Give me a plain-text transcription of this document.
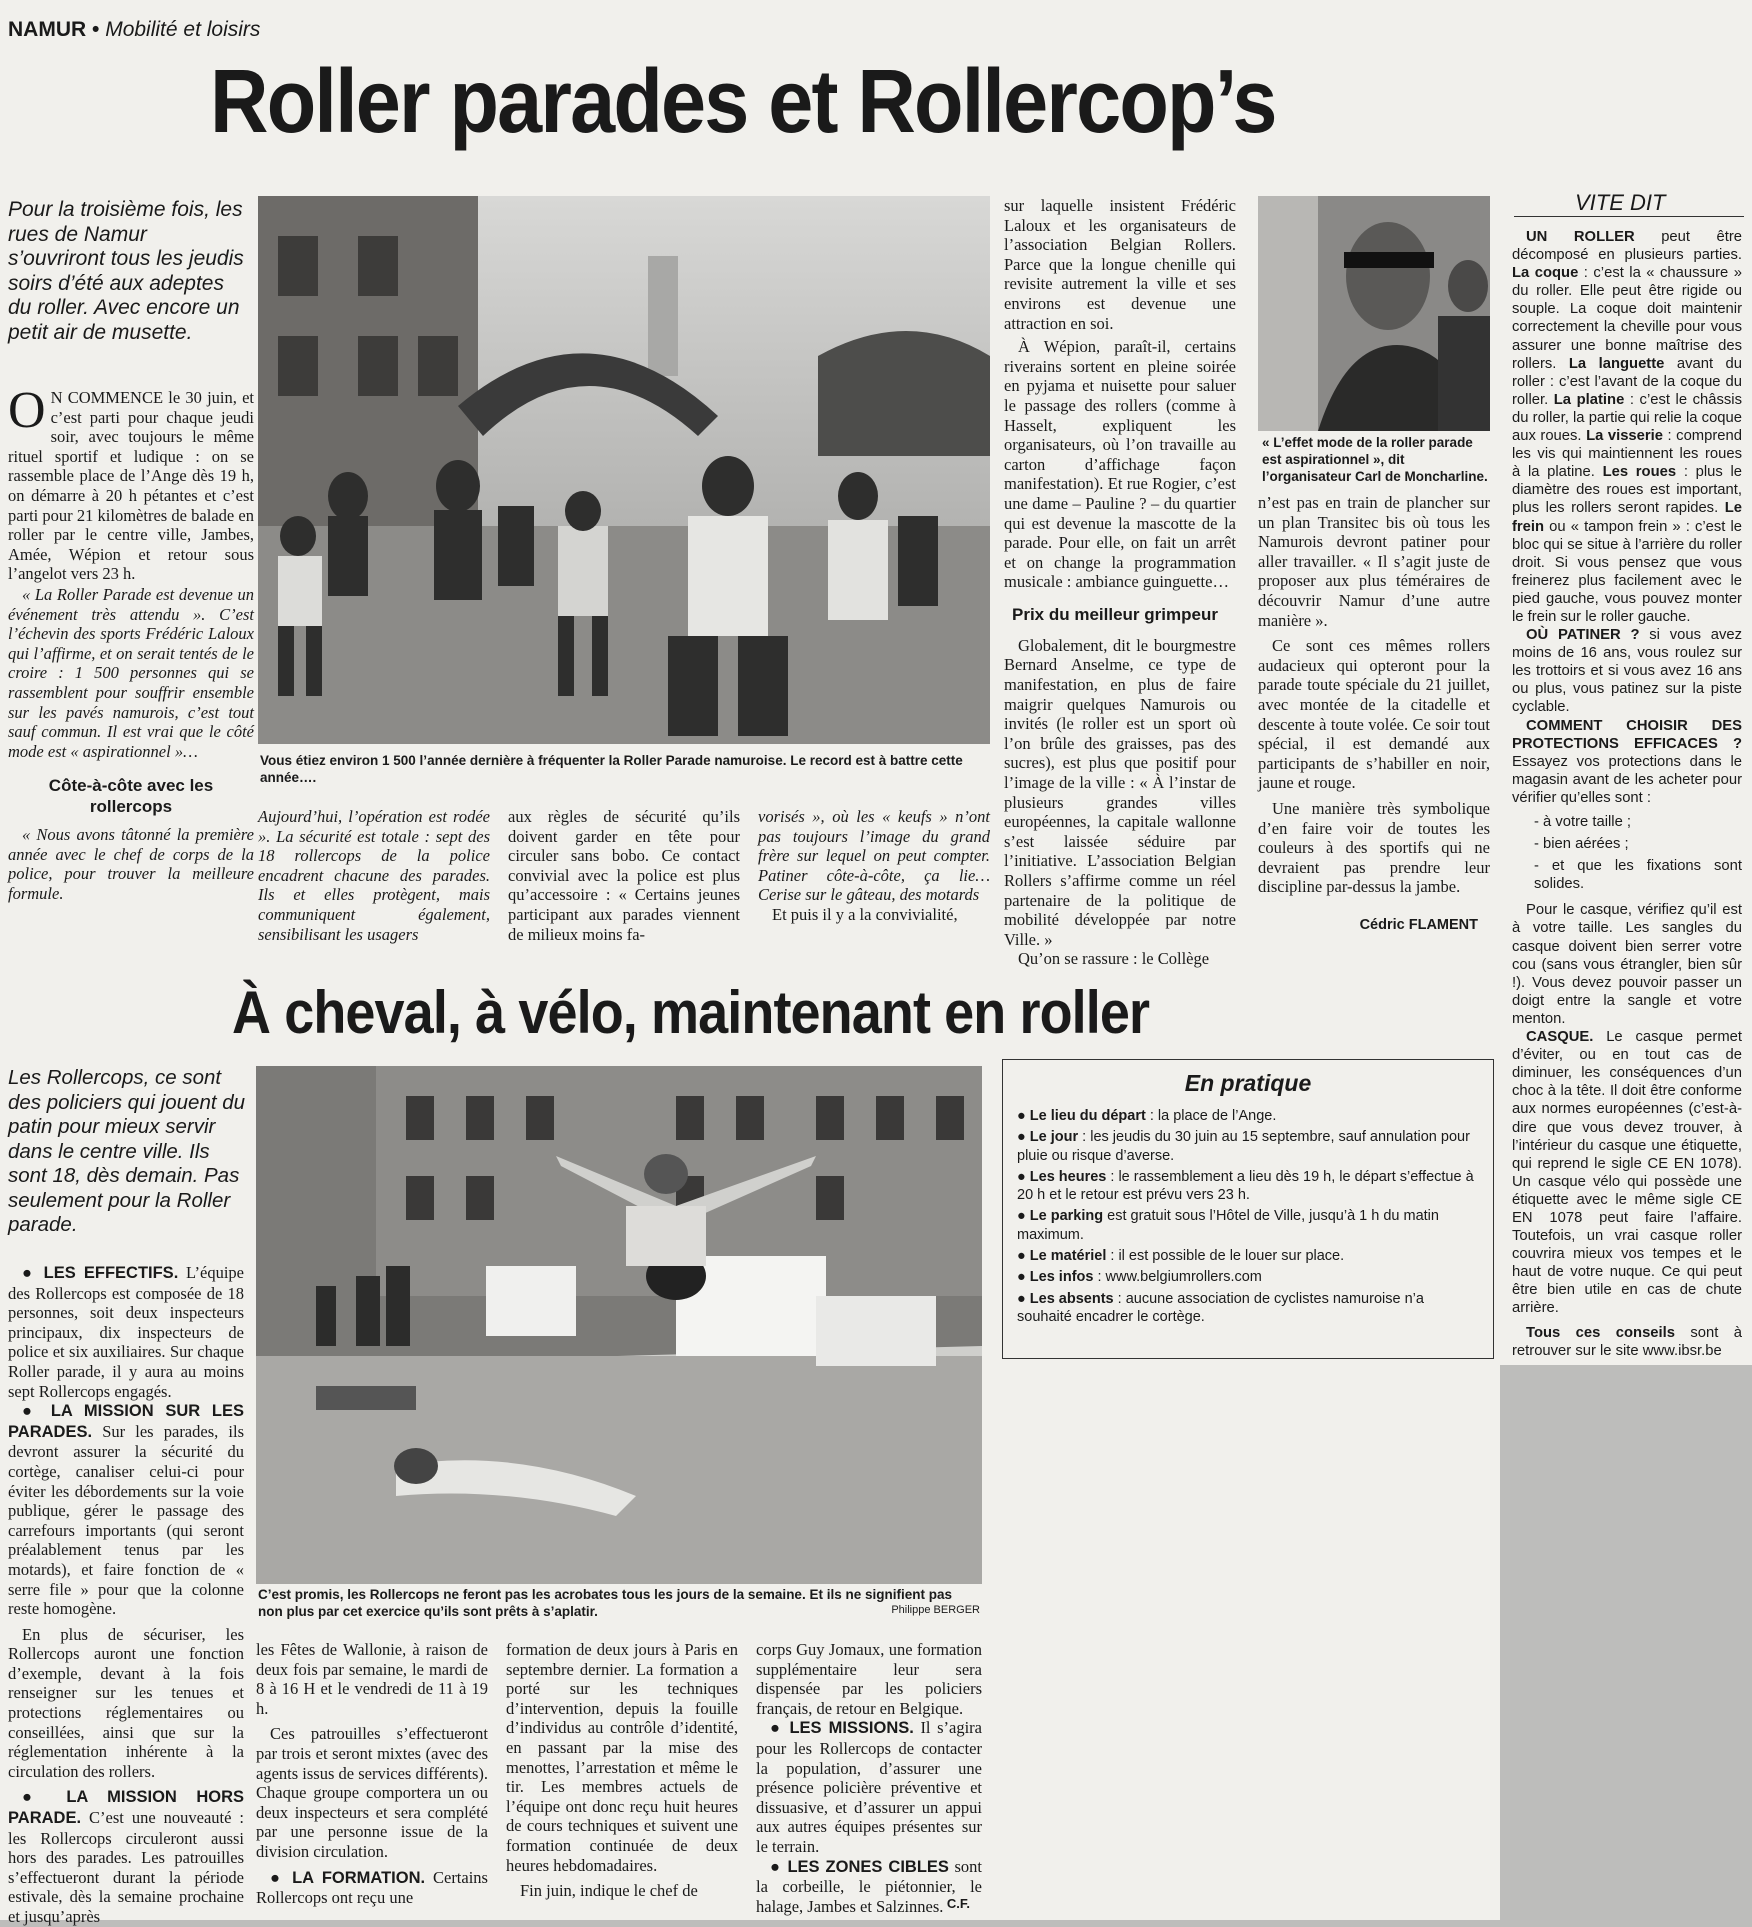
NAMUR • Mobilité et loisirs
Roller parades et Rollercop’s
Pour la troisième fois, les rues de Namur s’ouvriront tous les jeudis soirs d’été aux adeptes du roller. Avec encore un petit air de musette.

O N COMMENCE le 30 juin, et c’est parti pour chaque jeudi soir, avec toujours le même rituel sportif et ludique : on se rassemble place de l’Ange dès 19 h, on démarre à 20 h pétantes et c’est parti pour 21 kilomètres de balade en roller par le centre ville, Jambes, Amée, Wépion et retour sous l’angelot vers 23 h.

« La Roller Parade est devenue un événement très attendu ». C’est l’échevin des sports Frédéric Laloux qui l’affirme, et on serait tentés de le croire : 1 500 personnes qui se rassemblent pour souffrir ensemble sur les pavés namurois, c’est tout sauf commun. Il est vrai que le côté mode est « aspirationnel »…

Côte-à-côte avec les rollercops

« Nous avons tâtonné la première année avec le chef de corps de la police, pour trouver la meilleure formule.

Vous étiez environ 1 500 l’année dernière à fréquenter la Roller Parade namuroise. Le record est à battre cette année….

Aujourd’hui, l’opération est rodée ». La sécurité est totale : sept des 18 rollercops de la police encadrent chacune des parades. Ils et elles protègent, mais communiquent également, sensibilisant les usagers

aux règles de sécurité qu’ils doivent garder en tête pour circuler sans bobo. Ce contact convivial avec la police est plus qu’accessoire : « Certains jeunes participant aux parades viennent de milieux moins fa-

vorisés », où les « keufs » n’ont pas toujours l’image du grand frère sur lequel on peut compter. Patiner côte-à-côte, ça lie… Cerise sur le gâteau, des motards

Et puis il y a la convivialité,

sur laquelle insistent Frédéric Laloux et les organisateurs de l’association Belgian Rollers. Parce que la longue chenille qui revisite autrement la ville et ses environs est devenue une attraction en soi.

À Wépion, paraît-il, certains riverains sortent en pleine soirée en pyjama et nuisette pour saluer le passage des rollers (comme à Hasselt, expliquent les organisateurs, où l’on travaille au carton d’affichage façon manifestation). Et rue Rogier, c’est une dame – Pauline ? – du quartier qui est devenue la mascotte de la parade. Pour elle, on fait un arrêt et on change la programmation musicale : ambiance guinguette…

Prix du meilleur grimpeur

Globalement, dit le bourgmestre Bernard Anselme, ce type de manifestation, en plus de faire maigrir quelques Namurois ou invités (le roller est un sport où l’on brûle des graisses, pas des sucres), est plus que positif pour l’image de la ville : « À l’instar de plusieurs grandes villes européennes, la capitale wallonne s’est laissée séduire par l’initiative. L’association Belgian Rollers s’affirme comme un réel partenaire de la politique de mobilité développée par notre Ville. »

Qu’on se rassure : le Collège

« L’effet mode de la roller parade est aspirationnel », dit l’organisateur Carl de Moncharline.

n’est pas en train de plancher sur un plan Transitec bis où tous les Namurois devront patiner pour aller travailler. « Il s’agit juste de proposer aux plus téméraires de découvrir Namur d’une autre manière ».

Ce sont ces mêmes rollers audacieux qui opteront pour la parade toute spéciale du 21 juillet, avec montée de la citadelle et descente à toute volée. Ce soir tout spécial, il est demandé aux participants de s’habiller en noir, jaune et rouge.

Une manière très symbolique d’en faire voir de toutes les couleurs à des sportifs qui ne devraient pas prendre leur discipline par-dessus la jambe.

Cédric FLAMENT
VITE DIT

UN ROLLER peut être décomposé en plusieurs parties. La coque : c’est la « chaussure » du roller. Elle peut être rigide ou souple. La coque doit maintenir correctement la cheville pour vous assurer une bonne maîtrise des rollers. La languette avant du roller : c’est l’avant de la coque du roller. La platine : c’est le châssis du roller, la partie qui relie la coque aux roues. La visserie : comprend les vis qui maintiennent les roues à la platine. Les roues : plus le diamètre des roues est important, plus les rollers seront rapides. Le frein ou « tampon frein » : c’est le bloc qui se situe à l’arrière du roller droit. Si vous pensez que vous freinerez plus facilement avec le pied gauche, vous pouvez monter le frein sur le roller gauche.

OÙ PATINER ? si vous avez moins de 16 ans, vous roulez sur les trottoirs et si vous avez 16 ans ou plus, vous patinez sur la piste cyclable.

COMMENT CHOISIR DES PROTECTIONS EFFICACES ? Essayez vos protections dans le magasin avant de les acheter pour vérifier qu’elles sont :

- à votre taille ;

- bien aérées ;

- et que les fixations sont solides.

Pour le casque, vérifiez qu’il est à votre taille. Les sangles du casque doivent bien serrer votre cou (sans vous étrangler, bien sûr !). Vous devez pouvoir passer un doigt entre la sangle et votre menton.

CASQUE. Le casque permet d’éviter, ou en tout cas de diminuer, les conséquences d’un choc à la tête. Il doit être conforme aux normes européennes (c’est-à-dire que vous devez trouver, à l’intérieur du casque une étiquette, qui reprend le sigle CE EN 1078). Un casque vélo qui possède une étiquette avec le même sigle CE EN 1078 peut faire l’affaire. Toutefois, un vrai casque roller couvrira mieux vos tempes et le haut de votre nuque. Ce qui peut être bien utile en cas de chute arrière.

Tous ces conseils sont à retrouver sur le site www.ibsr.be

À cheval, à vélo, maintenant en roller
Les Rollercops, ce sont des policiers qui jouent du patin pour mieux servir dans le centre ville. Ils sont 18, dès demain. Pas seulement pour la Roller parade.

● LES EFFECTIFS. L’équipe des Rollercops est composée de 18 personnes, soit deux inspecteurs principaux, dix inspecteurs de police et six auxiliaires. Sur chaque Roller parade, il y aura au moins sept Rollercops engagés.

● LA MISSION SUR LES PARADES. Sur les parades, ils devront assurer la sécurité du cortège, canaliser celui-ci pour éviter les débordements sur la voie publique, gérer le passage des carrefours importants (qui seront préalablement tenus par les motards), et faire fonction de « serre file » pour que la colonne reste homogène.

En plus de sécuriser, les Rollercops auront une fonction d’exemple, devant à la fois renseigner sur les tenues et protections réglementaires ou conseillées, ainsi que sur la réglementation inhérente à la circulation des rollers.

● LA MISSION HORS PARADE. C’est une nouveauté : les Rollercops circuleront aussi hors des parades. Les patrouilles s’effectueront durant la période estivale, dès la semaine prochaine et jusqu’après

C’est promis, les Rollercops ne feront pas les acrobates tous les jours de la semaine. Et ils ne signifient pas non plus par cet exercice qu’ils sont prêts à s’aplatir.	Philippe BERGER

les Fêtes de Wallonie, à raison de deux fois par semaine, le mardi de 8 à 16 H et le vendredi de 11 à 19 h.

Ces patrouilles s’effectueront par trois et seront mixtes (avec des agents issus de services différents). Chaque groupe comportera un ou deux inspecteurs et sera complété par une personne issue de la division circulation.

● LA FORMATION. Certains Rollercops ont reçu une

formation de deux jours à Paris en septembre dernier. La formation a porté sur les techniques d’intervention, depuis la fouille d’individus au contrôle d’identité, en passant par la mise des menottes, l’arrestation et même le tir. Les membres actuels de l’équipe ont donc reçu huit heures de cours techniques et suivent une formation continuée de deux heures hebdomadaires.

Fin juin, indique le chef de

corps Guy Jomaux, une formation supplémentaire leur sera dispensée par les policiers français, de retour en Belgique.

● LES MISSIONS. Il s’agira pour les Rollercops de contacter la population, d’assurer une présence policière préventive et dissuasive, et d’assurer un appui aux autres équipes présentes sur le terrain.

● LES ZONES CIBLES sont la corbeille, le piétonnier, le halage, Jambes et Salzinnes. C.F.
En pratique

● Le lieu du départ : la place de l’Ange.

● Le jour : les jeudis du 30 juin au 15 septembre, sauf annulation pour pluie ou risque d’averse.

● Les heures : le rassemblement a lieu dès 19 h, le départ s’effectue à 20 h et le retour est prévu vers 23 h.

● Le parking est gratuit sous l’Hôtel de Ville, jusqu’à 1 h du matin maximum.

● Le matériel : il est possible de le louer sur place.

● Les infos : www.belgiumrollers.com

● Les absents : aucune association de cyclistes namuroise n’a souhaité encadrer le cortège.
